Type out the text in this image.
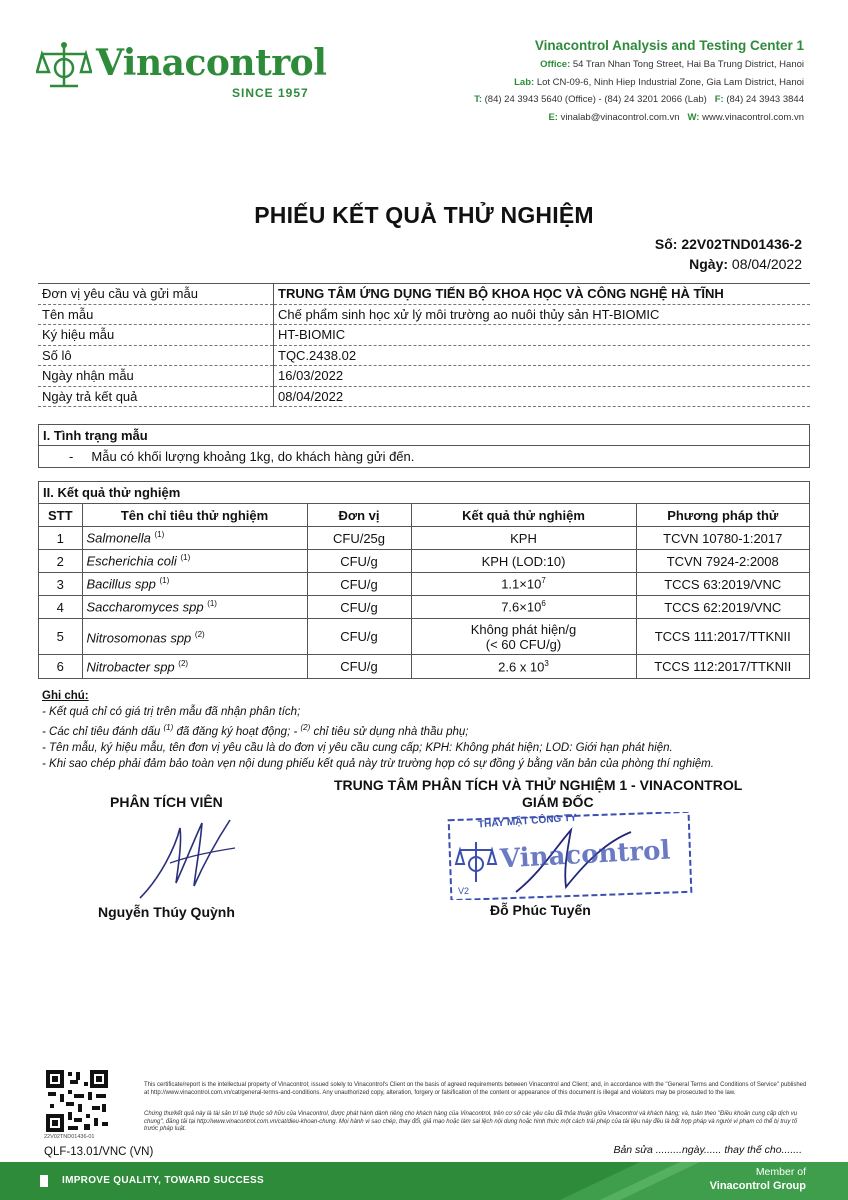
Vinacontrol
SINCE 1957
Vinacontrol Analysis and Testing Center 1
Office: 54 Tran Nhan Tong Street, Hai Ba Trung District, Hanoi
Lab: Lot CN-09-6, Ninh Hiep Industrial Zone, Gia Lam District, Hanoi
T: (84) 24 3943 5640 (Office) - (84) 24 3201 2066 (Lab) F: (84) 24 3943 3844
E: vinalab@vinacontrol.com.vn W: www.vinacontrol.com.vn
PHIẾU KẾT QUẢ THỬ NGHIỆM
Số: 22V02TND01436-2
Ngày: 08/04/2022
Đơn vị yêu cầu và gửi mẫu		TRUNG TÂM ỨNG DỤNG TIẾN BỘ KHOA HỌC VÀ CÔNG NGHỆ HÀ TĨNH
Tên mẫu		Chế phẩm sinh học xử lý môi trường ao nuôi thủy sản HT-BIOMIC
Ký hiệu mẫu		HT-BIOMIC
Số lô		TQC.2438.02
Ngày nhận mẫu		16/03/2022
Ngày trả kết quả		08/04/2022
I. Tình trạng mẫu
- Mẫu có khối lượng khoảng 1kg, do khách hàng gửi đến.
II. Kết quả thử nghiệm
STT	Tên chỉ tiêu thử nghiệm	Đơn vị	Kết quả thử nghiệm	Phương pháp thử
1	Salmonella $^{(1)}$	CFU/25g	KPH	TCVN 10780-1:2017
2	Escherichia coli $^{(1)}$	CFU/g	KPH (LOD:10)	TCVN 7924-2:2008
3	Bacillus spp $^{(1)}$	CFU/g	$1.1\times 10^7$	TCCS 63:2019/VNC
4	Saccharomyces spp $^{(1)}$	CFU/g	$7.6\times 10^6$	TCCS 62:2019/VNC
5	Nitrosomonas spp $^{(2)}$	CFU/g	Không phát hiện/g
(< 60 CFU/g)	TCCS 111:2017/TTKNII
6	Nitrobacter spp $^{(2)}$	CFU/g	2.6 x $10^3$	TCCS 112:2017/TTKNII
Ghi chú:
- Kết quả chỉ có giá trị trên mẫu đã nhận phân tích;
- Các chỉ tiêu đánh dấu $^{(1)}$ đã đăng ký hoạt động; - $^{(2)}$ chỉ tiêu sử dụng nhà thầu phụ;
- Tên mẫu, ký hiệu mẫu, tên đơn vị yêu cầu là do đơn vị yêu cầu cung cấp; KPH: Không phát hiện; LOD: Giới hạn phát hiện.
- Khi sao chép phải đảm bảo toàn vẹn nội dung phiếu kết quả này trừ trường hợp có sự đồng ý bằng văn bản của phòng thí nghiệm.
TRUNG TÂM PHÂN TÍCH VÀ THỬ NGHIỆM 1 - VINACONTROL
GIÁM ĐỐC
PHÂN TÍCH VIÊN
THAY MẶT CÔNG TY
Vinacontrol
V2
Nguyễn Thúy Quỳnh	Đỗ Phúc Tuyến
22V02TND01436-01
QLF-13.01/VNC (VN)
This certificate/report is the intellectual property of Vinacontrol; issued solely to Vinacontrol's Client on the basis of agreed requirements between Vinacontrol and Client; and, in accordance with the "General Terms and Conditions of Service" published at http://www.vinacontrol.com.vn/cat/general-terms-and-conditions. Any unauthorized copy, alteration, forgery or falsification of the content or appearance of this document is illegal and violators may be prosecuted to the law.
Chứng thư/kết quả này là tài sản trí tuệ thuộc sở hữu của Vinacontrol, được phát hành dành riêng cho khách hàng của Vinacontrol, trên cơ sở các yêu cầu đã thỏa thuận giữa Vinacontrol và khách hàng; và, tuân theo "Điều khoản cung cấp dịch vụ chung", đăng tải tại http://www.vinacontrol.com.vn/cat/dieu-khoan-chung. Mọi hành vi sao chép, thay đổi, giả mạo hoặc làm sai lệch nội dung hoặc hình thức một cách trái phép của tài liệu này đều là bất hợp pháp và người vi phạm có thể bị truy tố trước pháp luật.
Bản sửa .........ngày...... thay thế cho.......
IMPROVE QUALITY, TOWARD SUCCESS
Member of
Vinacontrol Group
